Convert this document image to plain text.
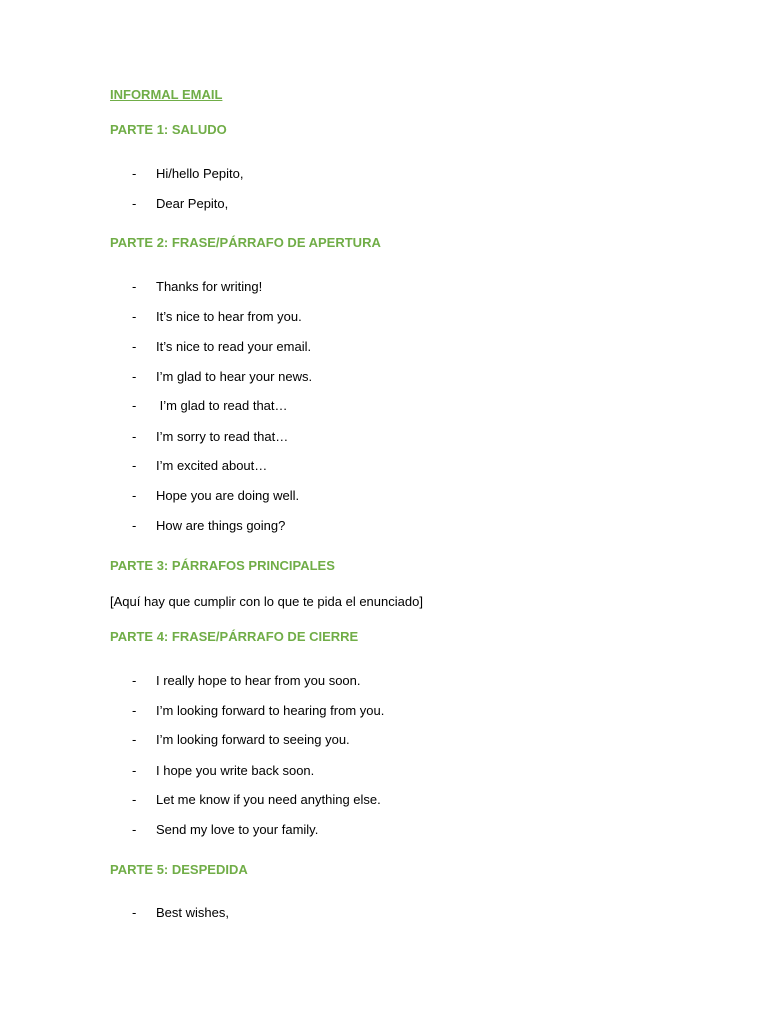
INFORMAL EMAIL
PARTE 1: SALUDO
- Hi/hello Pepito,
- Dear Pepito,
PARTE 2: FRASE/PÁRRAFO DE APERTURA
- Thanks for writing!
- It’s nice to hear from you.
- It’s nice to read your email.
- I’m glad to hear your news.
- I’m glad to read that…
- I’m sorry to read that…
- I’m excited about…
- Hope you are doing well.
- How are things going?
PARTE 3: PÁRRAFOS PRINCIPALES
[Aquí hay que cumplir con lo que te pida el enunciado]
PARTE 4: FRASE/PÁRRAFO DE CIERRE
- I really hope to hear from you soon.
- I’m looking forward to hearing from you.
- I’m looking forward to seeing you.
- I hope you write back soon.
- Let me know if you need anything else.
- Send my love to your family.
PARTE 5: DESPEDIDA
- Best wishes,
